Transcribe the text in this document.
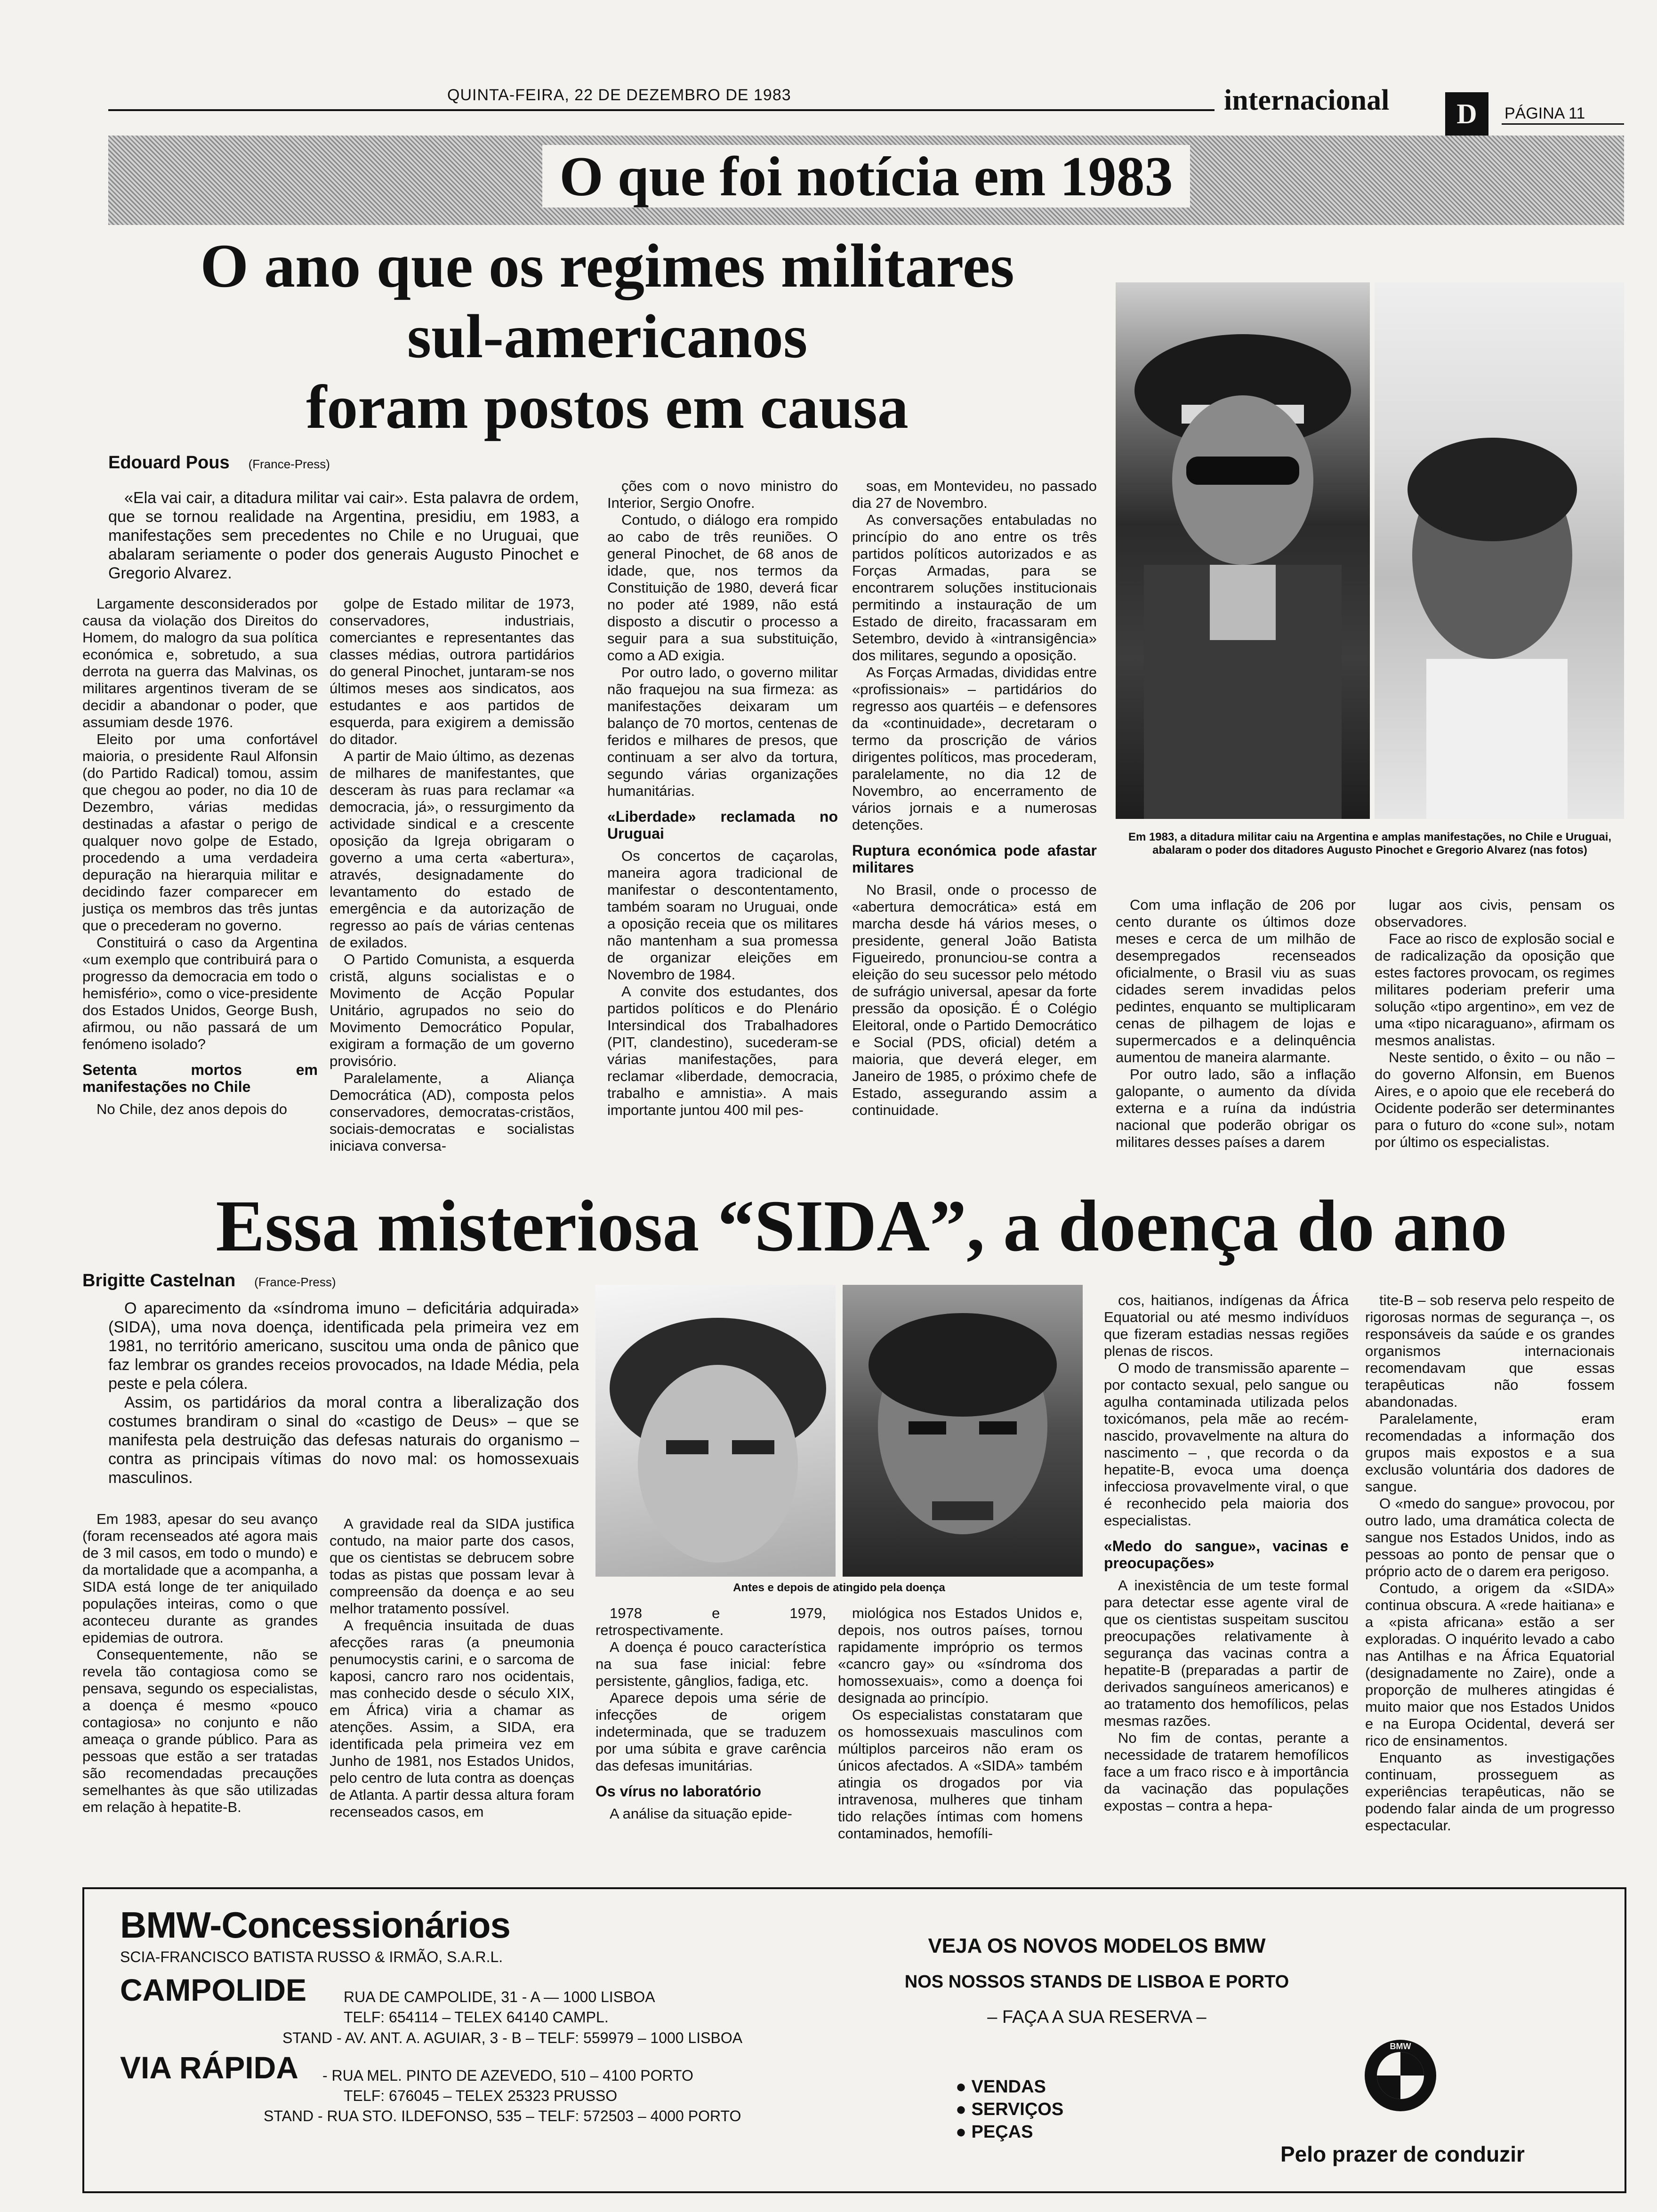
QUINTA-FEIRA, 22 DE DEZEMBRO DE 1983	internacional	D	PÁGINA 11
O que foi notícia em 1983
O ano que os regimes militares
sul-americanos
foram postos em causa
Edouard Pous (France-Press)

«Ela vai cair, a ditadura militar vai cair». Esta palavra de ordem, que se tornou realidade na Argentina, presidiu, em 1983, a manifestações sem precedentes no Chile e no Uruguai, que abalaram seriamente o poder dos generais Augusto Pinochet e Gregorio Alvarez.

Largamente desconsiderados por causa da violação dos Direitos do Homem, do malogro da sua política económica e, sobretudo, a sua derrota na guerra das Malvinas, os militares argentinos tiveram de se decidir a abandonar o poder, que assumiam desde 1976.

Eleito por uma confortável maioria, o presidente Raul Alfonsin (do Partido Radical) tomou, assim que chegou ao poder, no dia 10 de Dezembro, várias medidas destinadas a afastar o perigo de qualquer novo golpe de Estado, procedendo a uma verdadeira depuração na hierarquia militar e decidindo fazer comparecer em justiça os membros das três juntas que o precederam no governo.

Constituirá o caso da Argentina «um exemplo que contribuirá para o progresso da democracia em todo o hemisfério», como o vice-presidente dos Estados Unidos, George Bush, afirmou, ou não passará de um fenómeno isolado?

Setenta mortos em manifestações no Chile

No Chile, dez anos depois do

golpe de Estado militar de 1973, conservadores, industriais, comerciantes e representantes das classes médias, outrora partidários do general Pinochet, juntaram-se nos últimos meses aos sindicatos, aos estudantes e aos partidos de esquerda, para exigirem a demissão do ditador.

A partir de Maio último, as dezenas de milhares de manifestantes, que desceram às ruas para reclamar «a democracia, já», o ressurgimento da actividade sindical e a crescente oposição da Igreja obrigaram o governo a uma certa «abertura», através, designadamente do levantamento do estado de emergência e da autorização de regresso ao país de várias centenas de exilados.

O Partido Comunista, a esquerda cristã, alguns socialistas e o Movimento de Acção Popular Unitário, agrupados no seio do Movimento Democrático Popular, exigiram a formação de um governo provisório.

Paralelamente, a Aliança Democrática (AD), composta pelos conservadores, democratas-cristãos, sociais-democratas e socialistas iniciava conversa-

ções com o novo ministro do Interior, Sergio Onofre.

Contudo, o diálogo era rompido ao cabo de três reuniões. O general Pinochet, de 68 anos de idade, que, nos termos da Constituição de 1980, deverá ficar no poder até 1989, não está disposto a discutir o processo a seguir para a sua substituição, como a AD exigia.

Por outro lado, o governo militar não fraquejou na sua firmeza: as manifestações deixaram um balanço de 70 mortos, centenas de feridos e milhares de presos, que continuam a ser alvo da tortura, segundo várias organizações humanitárias.

«Liberdade» reclamada no Uruguai

Os concertos de caçarolas, maneira agora tradicional de manifestar o descontentamento, também soaram no Uruguai, onde a oposição receia que os militares não mantenham a sua promessa de organizar eleições em Novembro de 1984.

A convite dos estudantes, dos partidos políticos e do Plenário Intersindical dos Trabalhadores (PIT, clandestino), sucederam-se várias manifestações, para reclamar «liberdade, democracia, trabalho e amnistia». A mais importante juntou 400 mil pes-

soas, em Montevideu, no passado dia 27 de Novembro.

As conversações entabuladas no princípio do ano entre os três partidos políticos autorizados e as Forças Armadas, para se encontrarem soluções institucionais permitindo a instauração de um Estado de direito, fracassaram em Setembro, devido à «intransigência» dos militares, segundo a oposição.

As Forças Armadas, divididas entre «profissionais» – partidários do regresso aos quartéis – e defensores da «continuidade», decretaram o termo da proscrição de vários dirigentes políticos, mas procederam, paralelamente, no dia 12 de Novembro, ao encerramento de vários jornais e a numerosas detenções.

Ruptura económica pode afastar militares

No Brasil, onde o processo de «abertura democrática» está em marcha desde há vários meses, o presidente, general João Batista Figueiredo, pronunciou-se contra a eleição do seu sucessor pelo método de sufrágio universal, apesar da forte pressão da oposição. É o Colégio Eleitoral, onde o Partido Democrático e Social (PDS, oficial) detém a maioria, que deverá eleger, em Janeiro de 1985, o próximo chefe de Estado, assegurando assim a continuidade.

Em 1983, a ditadura militar caiu na Argentina e amplas manifestações, no Chile e Uruguai, abalaram o poder dos ditadores Augusto Pinochet e Gregorio Alvarez (nas fotos)

Com uma inflação de 206 por cento durante os últimos doze meses e cerca de um milhão de desempregados recenseados oficialmente, o Brasil viu as suas cidades serem invadidas pelos pedintes, enquanto se multiplicaram cenas de pilhagem de lojas e supermercados e a delinquência aumentou de maneira alarmante.

Por outro lado, são a inflação galopante, o aumento da dívida externa e a ruína da indústria nacional que poderão obrigar os militares desses países a darem

lugar aos civis, pensam os observadores.

Face ao risco de explosão social e de radicalização da oposição que estes factores provocam, os regimes militares poderiam preferir uma solução «tipo argentino», em vez de uma «tipo nicaraguano», afirmam os mesmos analistas.

Neste sentido, o êxito – ou não – do governo Alfonsin, em Buenos Aires, e o apoio que ele receberá do Ocidente poderão ser determinantes para o futuro do «cone sul», notam por último os especialistas.

Essa misteriosa “SIDA”, a doença do ano
Brigitte Castelnan (France-Press)

O aparecimento da «síndroma imuno – deficitária adquirada» (SIDA), uma nova doença, identificada pela primeira vez em 1981, no território americano, suscitou uma onda de pânico que faz lembrar os grandes receios provocados, na Idade Média, pela peste e pela cólera.

Assim, os partidários da moral contra a liberalização dos costumes brandiram o sinal do «castigo de Deus» – que se manifesta pela destruição das defesas naturais do organismo – contra as principais vítimas do novo mal: os homossexuais masculinos.

Antes e depois de atingido pela doença

Em 1983, apesar do seu avanço (foram recenseados até agora mais de 3 mil casos, em todo o mundo) e da mortalidade que a acompanha, a SIDA está longe de ter aniquilado populações inteiras, como o que aconteceu durante as grandes epidemias de outrora.

Consequentemente, não se revela tão contagiosa como se pensava, segundo os especialistas, a doença é mesmo «pouco contagiosa» no conjunto e não ameaça o grande público. Para as pessoas que estão a ser tratadas são recomendadas precauções semelhantes às que são utilizadas em relação à hepatite-B.

A gravidade real da SIDA justifica contudo, na maior parte dos casos, que os cientistas se debrucem sobre todas as pistas que possam levar à compreensão da doença e ao seu melhor tratamento possível.

A frequência insuitada de duas afecções raras (a pneumonia penumocystis carini, e o sarcoma de kaposi, cancro raro nos ocidentais, mas conhecido desde o século XIX, em África) viria a chamar as atenções. Assim, a SIDA, era identificada pela primeira vez em Junho de 1981, nos Estados Unidos, pelo centro de luta contra as doenças de Atlanta. A partir dessa altura foram recenseados casos, em

1978 e 1979, retrospectivamente.

A doença é pouco característica na sua fase inicial: febre persistente, gânglios, fadiga, etc.

Aparece depois uma série de infecções de origem indeterminada, que se traduzem por uma súbita e grave carência das defesas imunitárias.

Os vírus no laboratório

A análise da situação epide-

miológica nos Estados Unidos e, depois, nos outros países, tornou rapidamente impróprio os termos «cancro gay» ou «síndroma dos homossexuais», como a doença foi designada ao princípio.

Os especialistas constataram que os homossexuais masculinos com múltiplos parceiros não eram os únicos afectados. A «SIDA» também atingia os drogados por via intravenosa, mulheres que tinham tido relações íntimas com homens contaminados, hemofíli-

cos, haitianos, indígenas da África Equatorial ou até mesmo indivíduos que fizeram estadias nessas regiões plenas de riscos.

O modo de transmissão aparente – por contacto sexual, pelo sangue ou agulha contaminada utilizada pelos toxicómanos, pela mãe ao recém-nascido, provavelmente na altura do nascimento – , que recorda o da hepatite-B, evoca uma doença infecciosa provavelmente viral, o que é reconhecido pela maioria dos especialistas.

«Medo do sangue», vacinas e preocupações»

A inexistência de um teste formal para detectar esse agente viral de que os cientistas suspeitam suscitou preocupações relativamente à segurança das vacinas contra a hepatite-B (preparadas a partir de derivados sanguíneos americanos) e ao tratamento dos hemofílicos, pelas mesmas razões.

No fim de contas, perante a necessidade de tratarem hemofílicos face a um fraco risco e à importância da vacinação das populações expostas – contra a hepa-

tite-B – sob reserva pelo respeito de rigorosas normas de segurança –, os responsáveis da saúde e os grandes organismos internacionais recomendavam que essas terapêuticas não fossem abandonadas.

Paralelamente, eram recomendadas a informação dos grupos mais expostos e a sua exclusão voluntária dos dadores de sangue.

O «medo do sangue» provocou, por outro lado, uma dramática colecta de sangue nos Estados Unidos, indo as pessoas ao ponto de pensar que o próprio acto de o darem era perigoso.

Contudo, a origem da «SIDA» continua obscura. A «rede haitiana» e a «pista africana» estão a ser exploradas. O inquérito levado a cabo nas Antilhas e na África Equatorial (designadamente no Zaire), onde a proporção de mulheres atingidas é muito maior que nos Estados Unidos e na Europa Ocidental, deverá ser rico de ensinamentos.

Enquanto as investigações continuam, prosseguem as experiências terapêuticas, não se podendo falar ainda de um progresso espectacular.

BMW-Concessionários
SCIA-FRANCISCO BATISTA RUSSO & IRMÃO, S.A.R.L.
CAMPOLIDE RUA DE CAMPOLIDE, 31 - A — 1000 LISBOA
TELF: 654114 – TELEX 64140 CAMPL.
STAND - AV. ANT. A. AGUIAR, 3 - B – TELF: 559979 – 1000 LISBOA
VIA RÁPIDA - RUA MEL. PINTO DE AZEVEDO, 510 – 4100 PORTO
TELF: 676045 – TELEX 25323 PRUSSO
STAND - RUA STO. ILDEFONSO, 535 – TELF: 572503 – 4000 PORTO
VEJA OS NOVOS MODELOS BMW
NOS NOSSOS STANDS DE LISBOA E PORTO
– FAÇA A SUA RESERVA –
● VENDAS
● SERVIÇOS
● PEÇAS
BMW
Pelo prazer de conduzir
